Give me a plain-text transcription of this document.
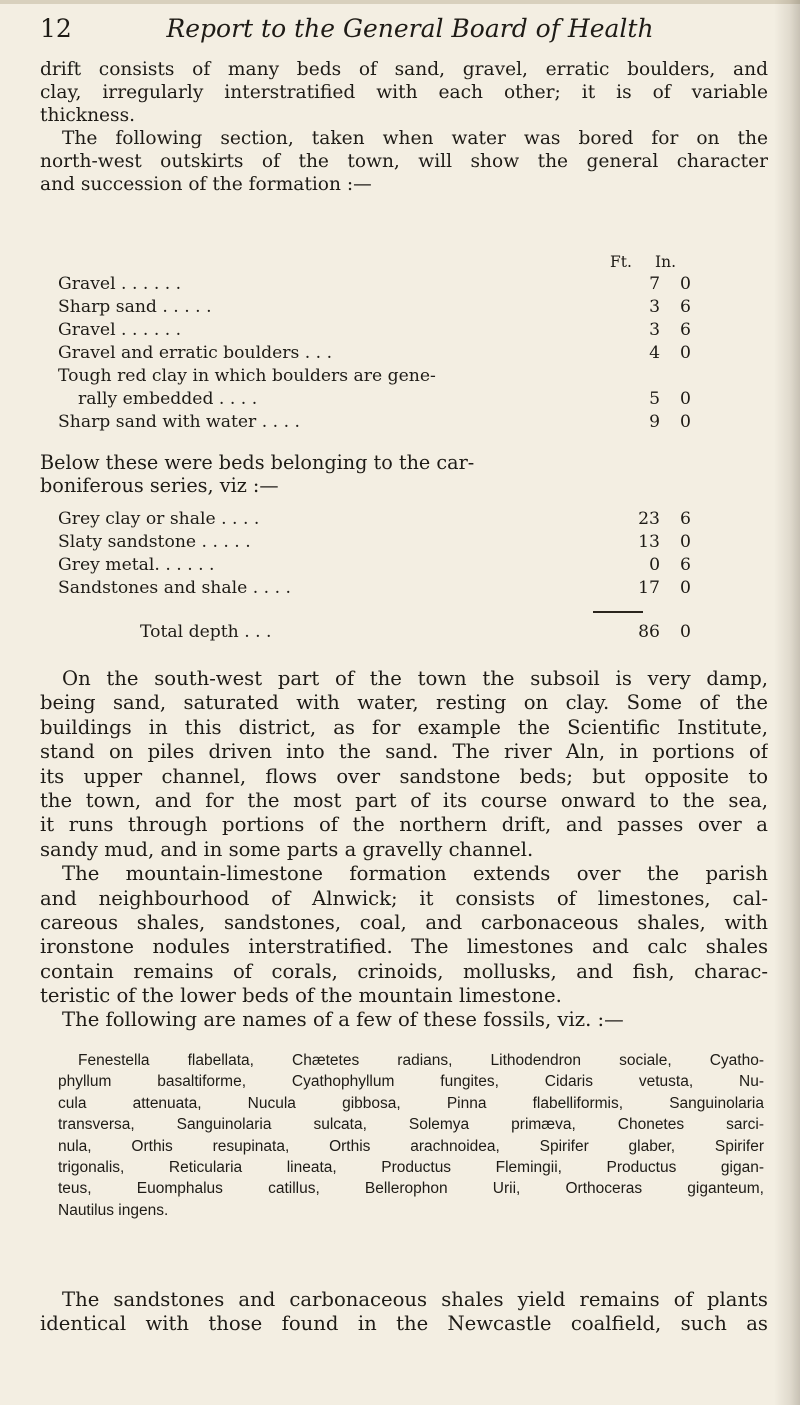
12	Report to the General Board of Health
drift consists of many beds of sand, gravel, erratic boulders, and
clay, irregularly interstratified with each other; it is of variable
thickness.
The following section, taken when water was bored for on the
north-west outskirts of the town, will show the general character
and succession of the formation :—
Ft. In.
Gravel . . . . . .	7 0
Sharp sand . . . . .	3 6
Gravel . . . . . .	3 6
Gravel and erratic boulders . . .	4 0
Tough red clay in which boulders are gene-
rally embedded . . . .	5 0
Sharp sand with water . . . .	9 0
Below these were beds belonging to the car-
boniferous series, viz :—
Grey clay or shale . . . .	23 6
Slaty sandstone . . . . .	13 0
Grey metal. . . . . .	0 6
Sandstones and shale . . . .	17 0
Total depth . . .	86 0
On the south-west part of the town the subsoil is very damp,
being sand, saturated with water, resting on clay. Some of the
buildings in this district, as for example the Scientific Institute,
stand on piles driven into the sand. The river Aln, in portions of
its upper channel, flows over sandstone beds; but opposite to
the town, and for the most part of its course onward to the sea,
it runs through portions of the northern drift, and passes over a
sandy mud, and in some parts a gravelly channel.
The mountain-limestone formation extends over the parish
and neighbourhood of Alnwick; it consists of limestones, cal-
careous shales, sandstones, coal, and carbonaceous shales, with
ironstone nodules interstratified. The limestones and calc shales
contain remains of corals, crinoids, mollusks, and fish, charac-
teristic of the lower beds of the mountain limestone.
The following are names of a few of these fossils, viz. :—
Fenestella flabellata, Chætetes radians, Lithodendron sociale, Cyatho-
phyllum basaltiforme, Cyathophyllum fungites, Cidaris vetusta, Nu-
cula attenuata, Nucula gibbosa, Pinna flabelliformis, Sanguinolaria
transversa, Sanguinolaria sulcata, Solemya primæva, Chonetes sarci-
nula, Orthis resupinata, Orthis arachnoidea, Spirifer glaber, Spirifer
trigonalis, Reticularia lineata, Productus Flemingii, Productus gigan-
teus, Euomphalus catillus, Bellerophon Urii, Orthoceras giganteum,
Nautilus ingens.
The sandstones and carbonaceous shales yield remains of plants
identical with those found in the Newcastle coalfield, such as
